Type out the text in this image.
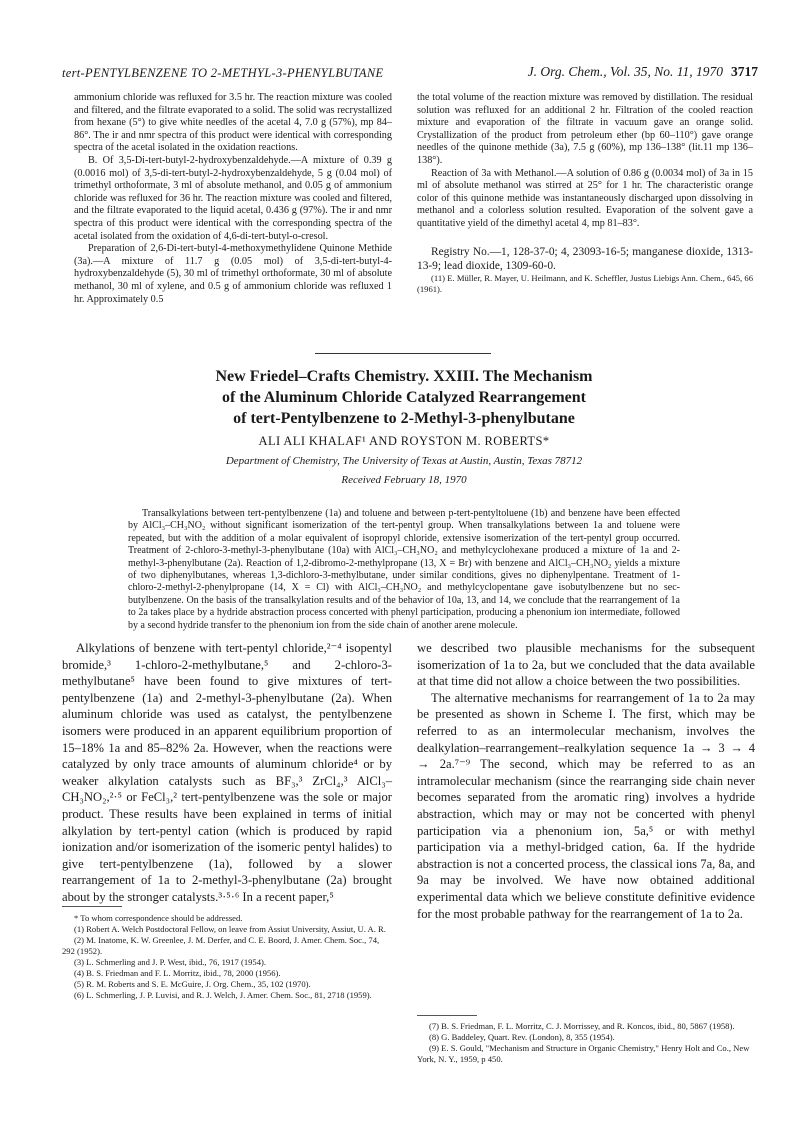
tert-PENTYLBENZENE TO 2-METHYL-3-PHENYLBUTANE	J. Org. Chem., Vol. 35, No. 11, 1970 3717

ammonium chloride was refluxed for 3.5 hr. The reaction mixture was cooled and filtered, and the filtrate evaporated to a solid. The solid was recrystallized from hexane (5°) to give white needles of the acetal 4, 7.0 g (57%), mp 84–86°. The ir and nmr spectra of this product were identical with corresponding spectra of the acetal isolated in the oxidation reactions.

B. Of 3,5-Di-tert-butyl-2-hydroxybenzaldehyde.—A mixture of 0.39 g (0.0016 mol) of 3,5-di-tert-butyl-2-hydroxybenzaldehyde, 5 g (0.04 mol) of trimethyl orthoformate, 3 ml of absolute methanol, and 0.05 g of ammonium chloride was refluxed for 36 hr. The reaction mixture was cooled and filtered, and the filtrate evaporated to the liquid acetal, 0.436 g (97%). The ir and nmr spectra of this product were identical with the corresponding spectra of the acetal isolated from the oxidation of 4,6-di-tert-butyl-o-cresol.

Preparation of 2,6-Di-tert-butyl-4-methoxymethylidene Quinone Methide (3a).—A mixture of 11.7 g (0.05 mol) of 3,5-di-tert-butyl-4-hydroxybenzaldehyde (5), 30 ml of trimethyl orthoformate, 30 ml of absolute methanol, 30 ml of xylene, and 0.5 g of ammonium chloride was refluxed 1 hr. Approximately 0.5

the total volume of the reaction mixture was removed by distillation. The residual solution was refluxed for an additional 2 hr. Filtration of the cooled reaction mixture and evaporation of the filtrate in vacuum gave an orange solid. Crystallization of the product from petroleum ether (bp 60–110°) gave orange needles of the quinone methide (3a), 7.5 g (60%), mp 136–138° (lit.11 mp 136–138°).

Reaction of 3a with Methanol.—A solution of 0.86 g (0.0034 mol) of 3a in 15 ml of absolute methanol was stirred at 25° for 1 hr. The characteristic orange color of this quinone methide was instantaneously discharged upon dissolving in methanol and a colorless solution resulted. Evaporation of the solvent gave a quantitative yield of the dimethyl acetal 4, mp 81–83°.

Registry No.—1, 128-37-0; 4, 23093-16-5; manganese dioxide, 1313-13-9; lead dioxide, 1309-60-0.

(11) E. Müller, R. Mayer, U. Heilmann, and K. Scheffler, Justus Liebigs Ann. Chem., 645, 66 (1961).

New Friedel–Crafts Chemistry. XXIII. The Mechanism
of the Aluminum Chloride Catalyzed Rearrangement
of tert-Pentylbenzene to 2-Methyl-3-phenylbutane
ALI ALI KHALAF¹ AND ROYSTON M. ROBERTS*
Department of Chemistry, The University of Texas at Austin, Austin, Texas 78712
Received February 18, 1970
Transalkylations between tert-pentylbenzene (1a) and toluene and between p-tert-pentyltoluene (1b) and benzene have been effected by AlCl₃–CH₃NO₂ without significant isomerization of the tert-pentyl group. When transalkylations between 1a and toluene were repeated, but with the addition of a molar equivalent of isopropyl chloride, extensive isomerization of the tert-pentyl group occurred. Treatment of 2-chloro-3-methyl-3-phenylbutane (10a) with AlCl₃–CH₃NO₂ and methylcyclohexane produced a mixture of 1a and 2-methyl-3-phenylbutane (2a). Reaction of 1,2-dibromo-2-methylpropane (13, X = Br) with benzene and AlCl₃–CH₃NO₂ yields a mixture of two diphenylbutanes, whereas 1,3-dichloro-3-methylbutane, under similar conditions, gives no diphenylpentane. Treatment of 1-chloro-2-methyl-2-phenylpropane (14, X = Cl) with AlCl₃–CH₃NO₂ and methylcyclopentane gave isobutylbenzene but no sec-butylbenzene. On the basis of the transalkylation results and of the behavior of 10a, 13, and 14, we conclude that the rearrangement of 1a to 2a takes place by a hydride abstraction process concerted with phenyl participation, producing a phenonium ion intermediate, followed by a second hydride transfer to the phenonium ion from the side chain of another arene molecule.
Alkylations of benzene with tert-pentyl chloride,²⁻⁴ isopentyl bromide,³ 1-chloro-2-methylbutane,⁵ and 2-chloro-3-methylbutane⁵ have been found to give mixtures of tert-pentylbenzene (1a) and 2-methyl-3-phenylbutane (2a). When aluminum chloride was used as catalyst, the pentylbenzene isomers were produced in an apparent equilibrium proportion of 15–18% 1a and 85–82% 2a. However, when the reactions were catalyzed by only trace amounts of aluminum chloride⁴ or by weaker alkylation catalysts such as BF₃,³ ZrCl₄,³ AlCl₃–CH₃NO₂,²·⁵ or FeCl₃,² tert-pentylbenzene was the sole or major product. These results have been explained in terms of initial alkylation by tert-pentyl cation (which is produced by rapid ionization and/or isomerization of the isomeric pentyl halides) to give tert-pentylbenzene (1a), followed by a slower rearrangement of 1a to 2-methyl-3-phenylbutane (2a) brought about by the stronger catalysts.³·⁵·⁶ In a recent paper,⁵

we described two plausible mechanisms for the subsequent isomerization of 1a to 2a, but we concluded that the data available at that time did not allow a choice between the two possibilities.

The alternative mechanisms for rearrangement of 1a to 2a may be presented as shown in Scheme I. The first, which may be referred to as an intermolecular mechanism, involves the dealkylation–rearrangement–realkylation sequence 1a → 3 → 4 → 2a.⁷⁻⁹ The second, which may be referred to as an intramolecular mechanism (since the rearranging side chain never becomes separated from the aromatic ring) involves a hydride abstraction, which may or may not be concerted with phenyl participation via a phenonium ion, 5a,⁵ or with methyl participation via a methyl-bridged cation, 6a. If the hydride abstraction is not a concerted process, the classical ions 7a, 8a, and 9a may be involved. We have now obtained additional experimental data which we believe constitute definitive evidence for the most probable pathway for the rearrangement of 1a to 2a.

* To whom correspondence should be addressed.
(1) Robert A. Welch Postdoctoral Fellow, on leave from Assiut University, Assiut, U. A. R.
(2) M. Inatome, K. W. Greenlee, J. M. Derfer, and C. E. Boord, J. Amer. Chem. Soc., 74, 292 (1952).
(3) L. Schmerling and J. P. West, ibid., 76, 1917 (1954).
(4) B. S. Friedman and F. L. Morritz, ibid., 78, 2000 (1956).
(5) R. M. Roberts and S. E. McGuire, J. Org. Chem., 35, 102 (1970).
(6) L. Schmerling, J. P. Luvisi, and R. J. Welch, J. Amer. Chem. Soc., 81, 2718 (1959).
(7) B. S. Friedman, F. L. Morritz, C. J. Morrissey, and R. Koncos, ibid., 80, 5867 (1958).
(8) G. Baddeley, Quart. Rev. (London), 8, 355 (1954).
(9) E. S. Gould, "Mechanism and Structure in Organic Chemistry," Henry Holt and Co., New York, N. Y., 1959, p 450.
